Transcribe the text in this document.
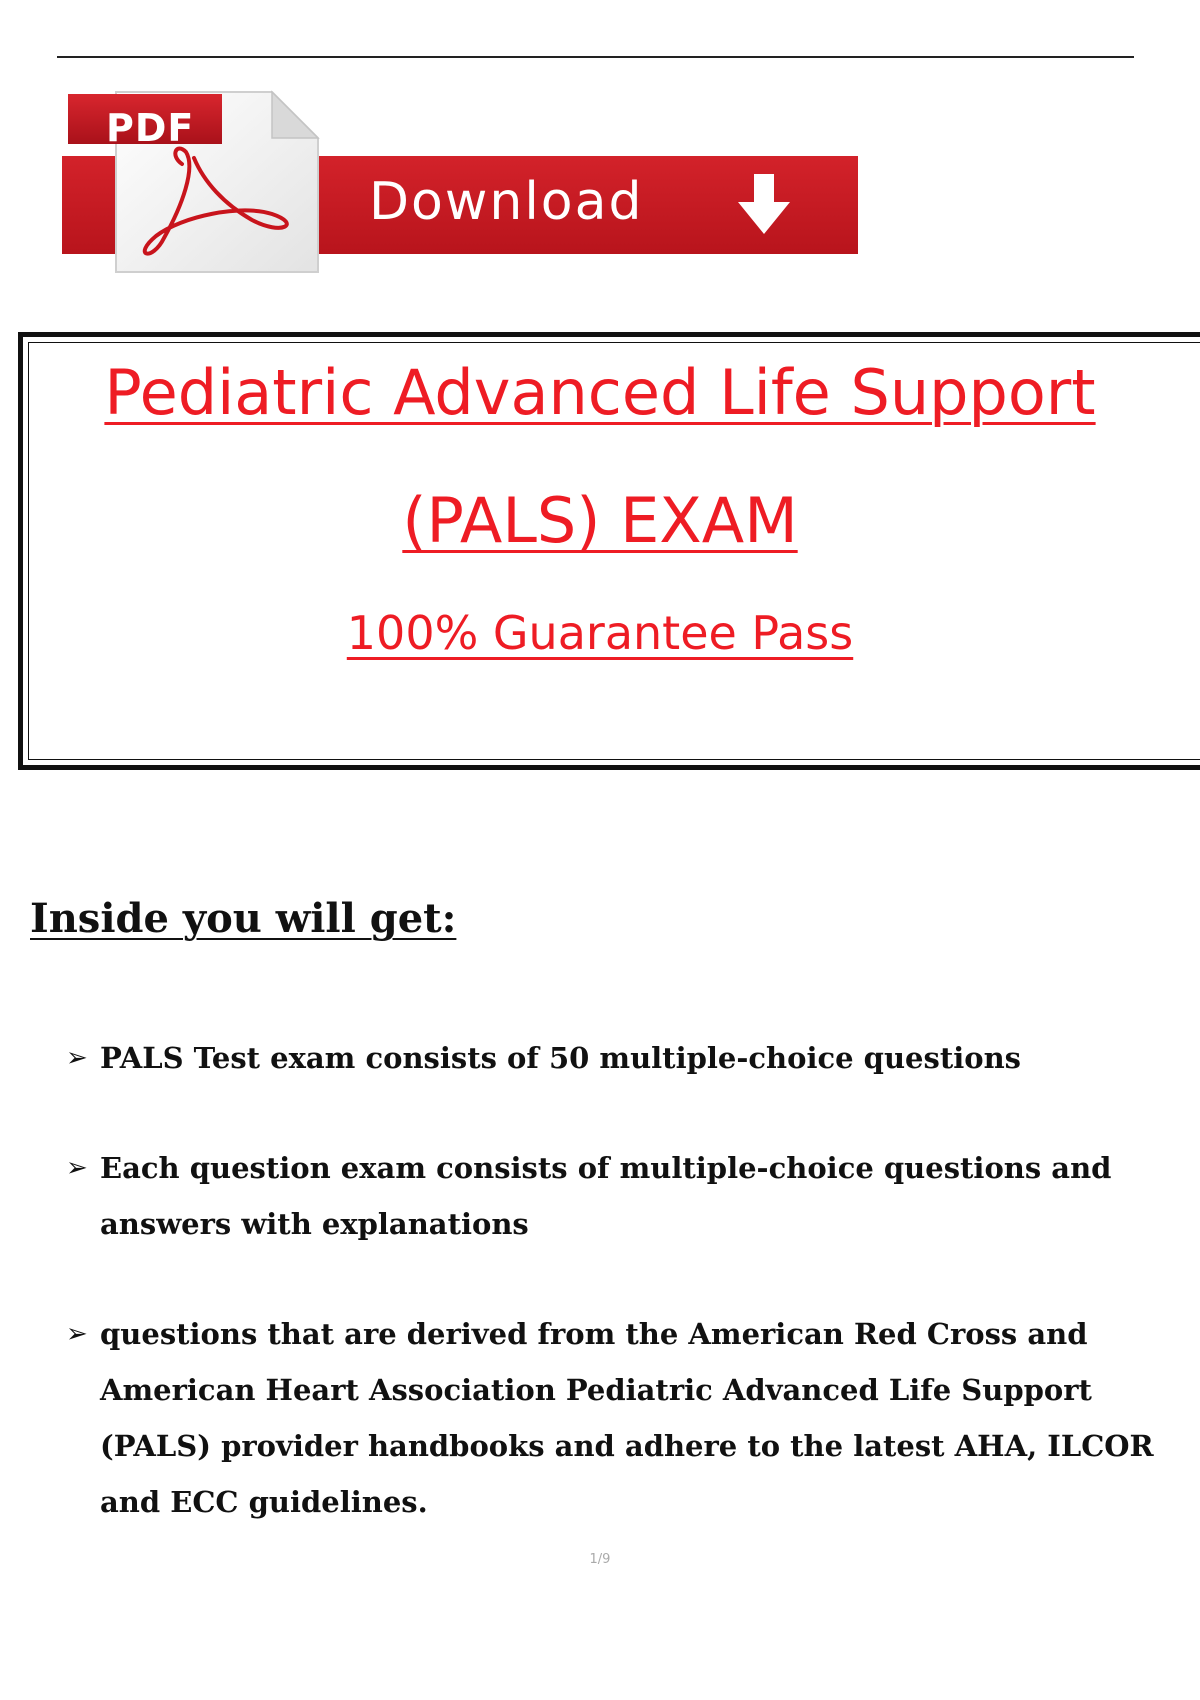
Download
PDF
Pediatric Advanced Life Support
(PALS) EXAM
100% Guarantee Pass
Inside you will get:
➢ PALS Test exam consists of 50 multiple-choice questions
➢ Each question exam consists of multiple-choice questions and answers with explanations
➢ questions that are derived from the American Red Cross and American Heart Association Pediatric Advanced Life Support (PALS) provider handbooks and adhere to the latest AHA, ILCOR and ECC guidelines.
1/9
